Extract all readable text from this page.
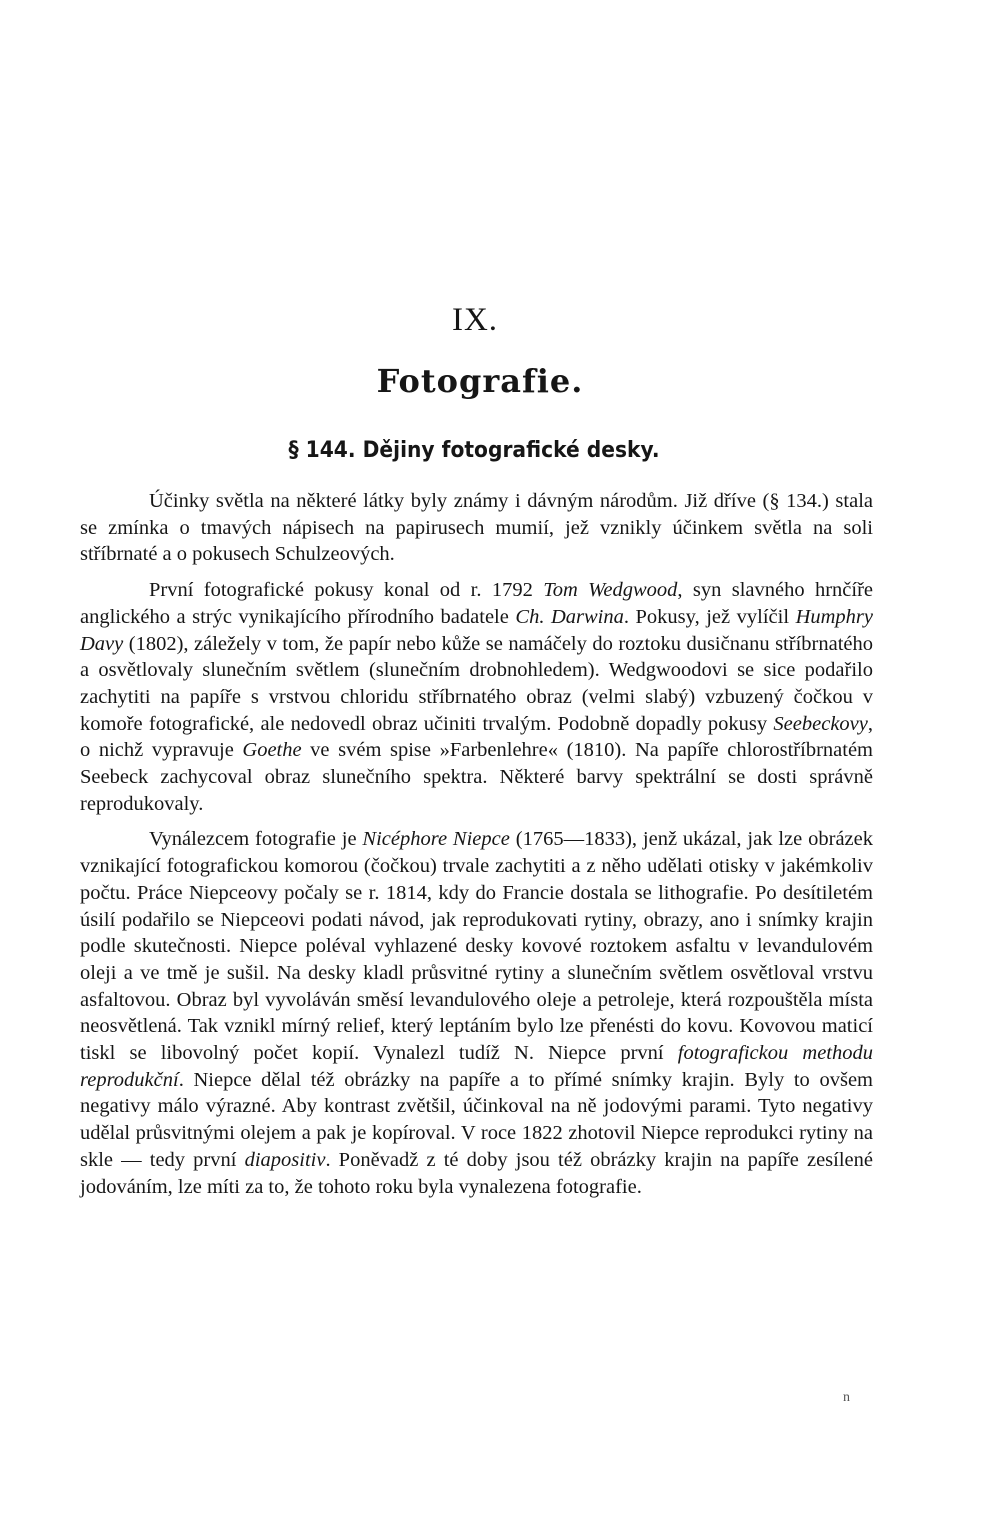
IX.
Fotografie.
§ 144. Dějiny fotografické desky.

Účinky světla na některé látky byly známy i dávným národům. Již dříve (§ 134.) stala se zmínka o tmavých nápisech na papirusech mumií, jež vznikly účinkem světla na soli stříbrnaté a o pokusech Schulzeových.

První fotografické pokusy konal od r. 1792 Tom Wedgwood, syn slavného hrnčíře anglického a strýc vynikajícího přírodního badatele Ch. Darwina. Pokusy, jež vylíčil Humphry Davy (1802), záležely v tom, že papír nebo kůže se namáčely do roztoku dusičnanu stříbrnatého a osvětlovaly slunečním světlem (slunečním drobnohledem). Wedgwoodovi se sice podařilo zachytiti na papíře s vrstvou chloridu stříbrnatého obraz (velmi slabý) vzbuzený čočkou v komoře fotografické, ale nedovedl obraz učiniti trvalým. Podobně dopadly pokusy Seebeckovy, o nichž vypravuje Goethe ve svém spise »Farbenlehre« (1810). Na papíře chlorostříbrnatém Seebeck zachycoval obraz slunečního spektra. Některé barvy spektrální se dosti správně reprodukovaly.

Vynálezcem fotografie je Nicéphore Niepce (1765—1833), jenž ukázal, jak lze obrázek vznikající fotografickou komorou (čočkou) trvale zachytiti a z něho udělati otisky v jakémkoliv počtu. Práce Niepceovy počaly se r. 1814, kdy do Francie dostala se lithografie. Po desítiletém úsilí podařilo se Niepceovi podati návod, jak reprodukovati rytiny, obrazy, ano i snímky krajin podle skutečnosti. Niepce poléval vyhlazené desky kovové roztokem asfaltu v levandulovém oleji a ve tmě je sušil. Na desky kladl průsvitné rytiny a slunečním světlem osvětloval vrstvu asfaltovou. Obraz byl vyvoláván směsí levandulového oleje a petroleje, která rozpouštěla místa neosvětlená. Tak vznikl mírný relief, který leptáním bylo lze přenésti do kovu. Kovovou maticí tiskl se libovolný počet kopií. Vynalezl tudíž N. Niepce první fotografickou methodu reprodukční. Niepce dělal též obrázky na papíře a to přímé snímky krajin. Byly to ovšem negativy málo výrazné. Aby kontrast zvětšil, účinkoval na ně jodovými parami. Tyto negativy udělal průsvitnými olejem a pak je kopíroval. V roce 1822 zhotovil Niepce reprodukci rytiny na skle — tedy první diapositiv. Poněvadž z té doby jsou též obrázky krajin na papíře zesílené jodováním, lze míti za to, že tohoto roku byla vynalezena fotografie.

n
